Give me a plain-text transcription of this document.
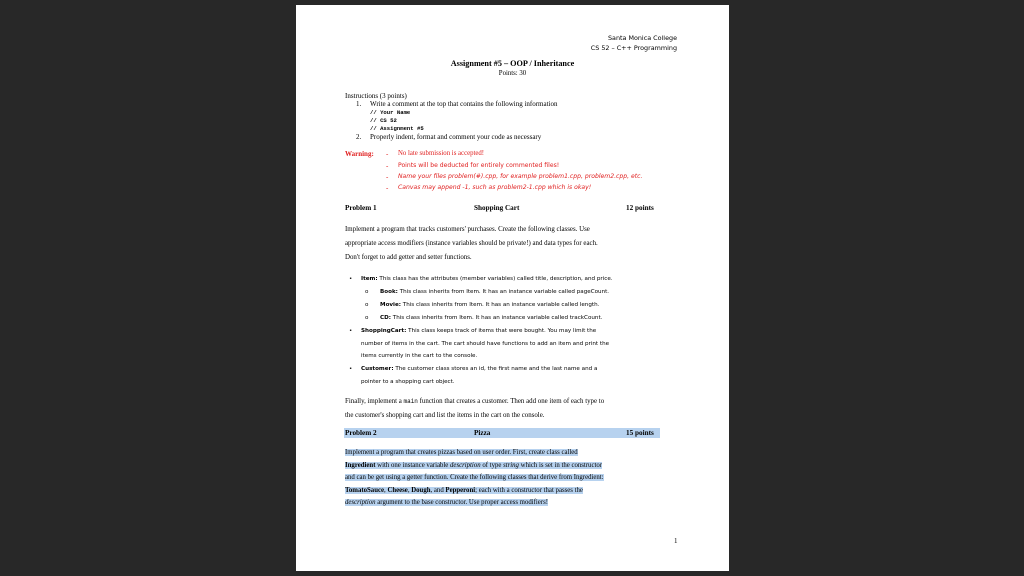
Santa Monica College
CS 52 – C++ Programming
Assignment #5 – OOP / Inheritance
Points: 30
Instructions (3 points)
1. Write a comment at the top that contains the following information
// Your Name
// CS 52
// Assignment #5
2. Properly indent, format and comment your code as necessary
Warning: - No late submission is accepted!
- Points will be deducted for entirely commented files!
- Name your files problem(#).cpp, for example problem1.cpp, problem2.cpp, etc.
- Canvas may append -1, such as problem2-1.cpp which is okay!
Problem 1	Shopping Cart	12 points
Implement a program that tracks customers' purchases. Create the following classes. Use
appropriate access modifiers (instance variables should be private!) and data types for each.
Don't forget to add getter and setter functions.
• Item: This class has the attributes (member variables) called title, description, and price.
o Book: This class inherits from Item. It has an instance variable called pageCount.
o Movie: This class inherits from Item. It has an instance variable called length.
o CD: This class inherits from Item. It has an instance variable called trackCount.
• ShoppingCart: This class keeps track of items that were bought. You may limit the
number of items in the cart. The cart should have functions to add an item and print the
items currently in the cart to the console.
• Customer: The customer class stores an id, the first name and the last name and a
pointer to a shopping cart object.
Finally, implement a main function that creates a customer. Then add one item of each type to
the customer's shopping cart and list the items in the cart on the console.
Problem 2	Pizza	15 points
Implement a program that creates pizzas based on user order. First, create class called
Ingredient with one instance variable description of type string which is set in the constructor
and can be get using a getter function. Create the following classes that derive from Ingredient:
TomatoSauce, Cheese, Dough, and Pepperoni; each with a constructor that passes the
description argument to the base constructor. Use proper access modifiers!
1
